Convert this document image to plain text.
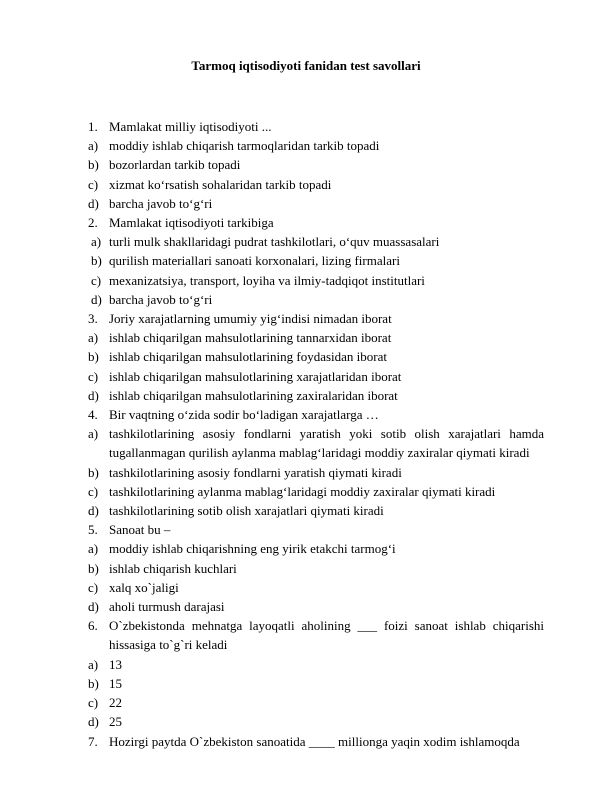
Tarmoq iqtisodiyoti fanidan test savollari
1. Mamlakat milliy iqtisodiyoti ...
a) moddiy ishlab chiqarish tarmoqlaridan tarkib topadi
b) bozorlardan tarkib topadi
c) xizmat ko‘rsatish sohalaridan tarkib topadi
d) barcha javob to‘g‘ri
2. Mamlakat iqtisodiyoti tarkibiga
a) turli mulk shakllaridagi pudrat tashkilotlari, o‘quv muassasalari
b) qurilish materiallari sanoati korxonalari, lizing firmalari
c) mexanizatsiya, transport, loyiha va ilmiy-tadqiqot institutlari
d) barcha javob to‘g‘ri
3. Joriy xarajatlarning umumiy yig‘indisi nimadan iborat
a) ishlab chiqarilgan mahsulotlarining tannarxidan iborat
b) ishlab chiqarilgan mahsulotlarining foydasidan iborat
c) ishlab chiqarilgan mahsulotlarining xarajatlaridan iborat
d) ishlab chiqarilgan mahsulotlarining zaxiralaridan iborat
4. Bir vaqtning o‘zida sodir bo‘ladigan xarajatlarga …
a) tashkilotlarining asosiy fondlarni yaratish yoki sotib olish xarajatlari hamda tugallanmagan qurilish aylanma mablag‘laridagi moddiy zaxiralar qiymati kiradi
b) tashkilotlarining asosiy fondlarni yaratish qiymati kiradi
c) tashkilotlarining aylanma mablag‘laridagi moddiy zaxiralar qiymati kiradi
d) tashkilotlarining sotib olish xarajatlari qiymati kiradi
5. Sanoat bu –
a) moddiy ishlab chiqarishning eng yirik etakchi tarmog‘i
b) ishlab chiqarish kuchlari
c) xalq xo`jaligi
d) aholi turmush darajasi
6. O`zbekistonda mehnatga layoqatli aholining ___ foizi sanoat ishlab chiqarishi hissasiga to`g`ri keladi
a) 13
b) 15
c) 22
d) 25
7. Hozirgi paytda O`zbekiston sanoatida ____ millionga yaqin xodim ishlamoqda
